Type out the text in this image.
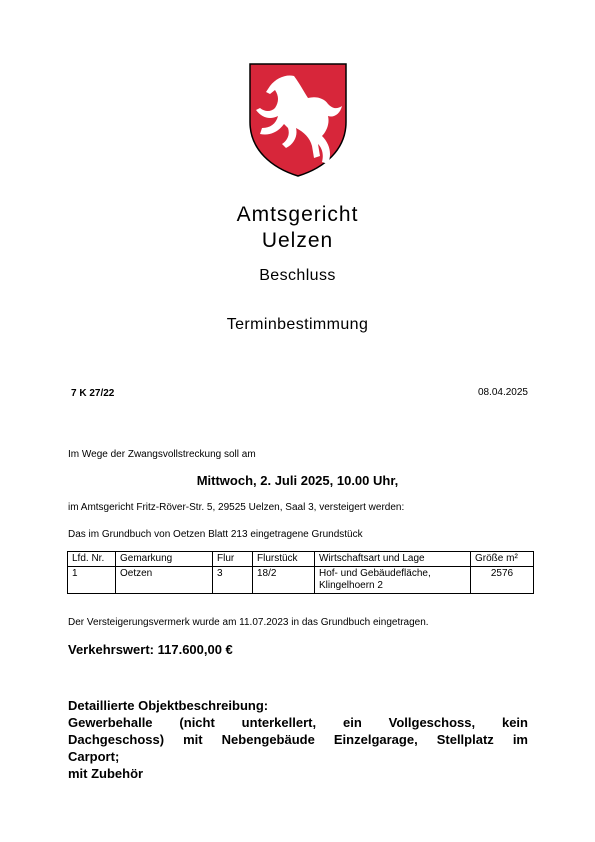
Amtsgericht
Uelzen
Beschluss
Terminbestimmung
7 K 27/22	08.04.2025
Im Wege der Zwangsvollstreckung soll am
Mittwoch, 2. Juli 2025, 10.00 Uhr,
im Amtsgericht Fritz-Röver-Str. 5, 29525 Uelzen, Saal 3, versteigert werden:
Das im Grundbuch von Oetzen Blatt 213 eingetragene Grundstück
Lfd. Nr.	Gemarkung	Flur	Flurstück	Wirtschaftsart und Lage	Größe m²
1	Oetzen	3	18/2	Hof- und Gebäudefläche, Klingelhoern 2	2576
Der Versteigerungsvermerk wurde am 11.07.2023 in das Grundbuch eingetragen.
Verkehrswert: 117.600,00 €
Detaillierte Objektbeschreibung:
Gewerbehalle (nicht unterkellert, ein Vollgeschoss, kein
Dachgeschoss) mit Nebengebäude Einzelgarage, Stellplatz im
Carport;
mit Zubehör
